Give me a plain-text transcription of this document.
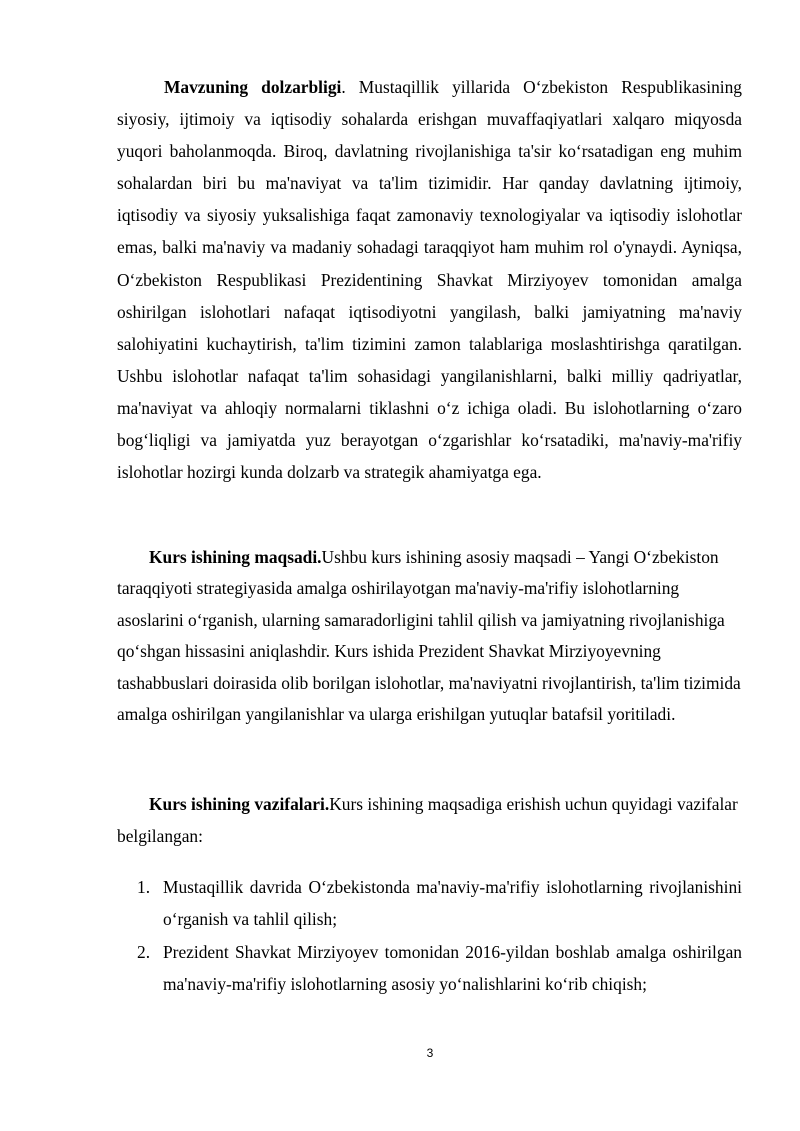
Mavzuning dolzarbligi. Mustaqillik yillarida O‘zbekiston Respublikasining siyosiy, ijtimoiy va iqtisodiy sohalarda erishgan muvaffaqiyatlari xalqaro miqyosda yuqori baholanmoqda. Biroq, davlatning rivojlanishiga ta'sir ko‘rsatadigan eng muhim sohalardan biri bu ma'naviyat va ta'lim tizimidir. Har qanday davlatning ijtimoiy, iqtisodiy va siyosiy yuksalishiga faqat zamonaviy texnologiyalar va iqtisodiy islohotlar emas, balki ma'naviy va madaniy sohadagi taraqqiyot ham muhim rol o'ynaydi. Ayniqsa, O‘zbekiston Respublikasi Prezidentining Shavkat Mirziyoyev tomonidan amalga oshirilgan islohotlari nafaqat iqtisodiyotni yangilash, balki jamiyatning ma'naviy salohiyatini kuchaytirish, ta'lim tizimini zamon talablariga moslashtirishga qaratilgan. Ushbu islohotlar nafaqat ta'lim sohasidagi yangilanishlarni, balki milliy qadriyatlar, ma'naviyat va ahloqiy normalarni tiklashni o‘z ichiga oladi. Bu islohotlarning o‘zaro bog‘liqligi va jamiyatda yuz berayotgan o‘zgarishlar ko‘rsatadiki, ma'naviy-ma'rifiy islohotlar hozirgi kunda dolzarb va strategik ahamiyatga ega.

Kurs ishining maqsadi.Ushbu kurs ishining asosiy maqsadi – Yangi O‘zbekiston taraqqiyoti strategiyasida amalga oshirilayotgan ma'naviy-ma'rifiy islohotlarning asoslarini o‘rganish, ularning samaradorligini tahlil qilish va jamiyatning rivojlanishiga qo‘shgan hissasini aniqlashdir. Kurs ishida Prezident Shavkat Mirziyoyevning tashabbuslari doirasida olib borilgan islohotlar, ma'naviyatni rivojlantirish, ta'lim tizimida amalga oshirilgan yangilanishlar va ularga erishilgan yutuqlar batafsil yoritiladi.

Kurs ishining vazifalari.Kurs ishining maqsadiga erishish uchun quyidagi vazifalar belgilangan:

1. Mustaqillik davrida O‘zbekistonda ma'naviy-ma'rifiy islohotlarning rivojlanishini o‘rganish va tahlil qilish;
2. Prezident Shavkat Mirziyoyev tomonidan 2016-yildan boshlab amalga oshirilgan ma'naviy-ma'rifiy islohotlarning asosiy yo‘nalishlarini ko‘rib chiqish;
3
